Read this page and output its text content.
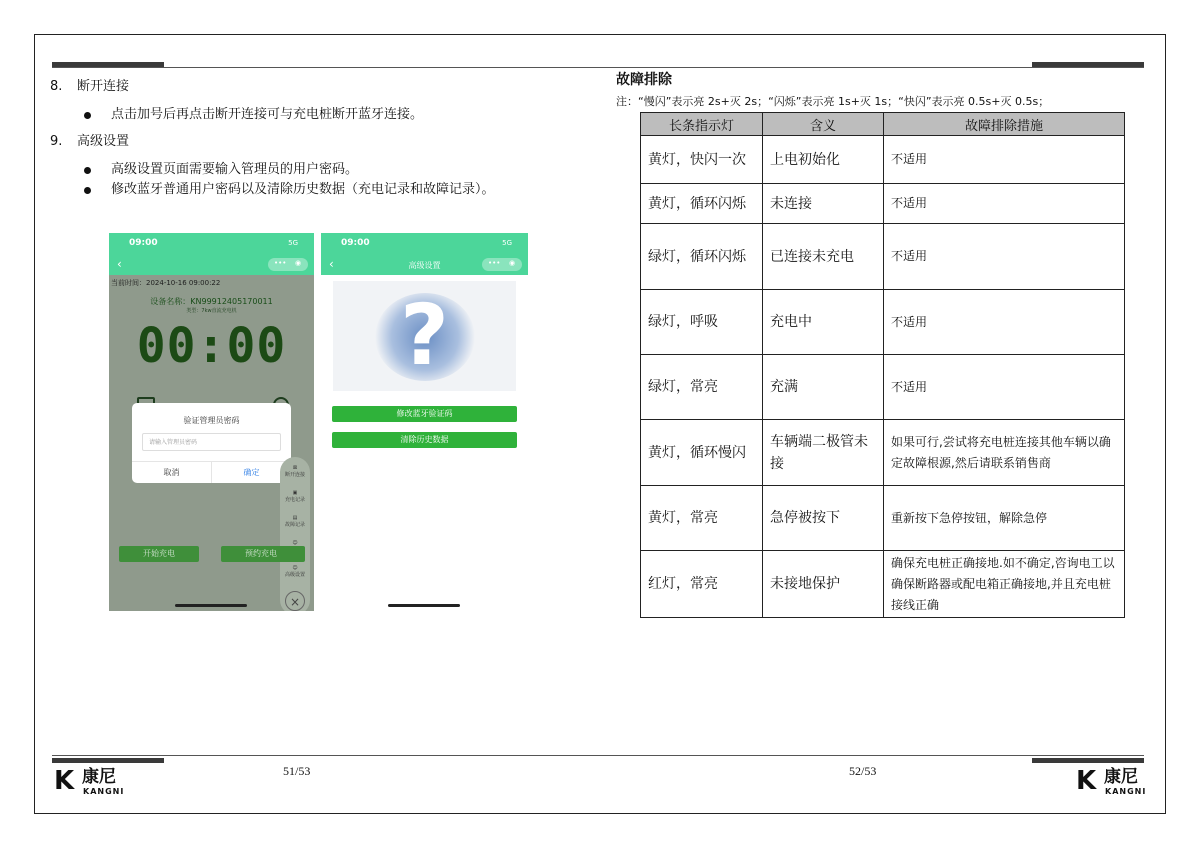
8. 断开连接
点击加号后再点击断开连接可与充电桩断开蓝牙连接。
9. 高级设置
高级设置页面需要输入管理员的用户密码。
修改蓝牙普通用户密码以及清除历史数据（充电记录和故障记录）。
09:00	5G
‹	••• ◉
当前时间：2024-10-16 09:00:22
设备名称：KN99912405170011
类型：7kw直流充电机
00:00
验证管理员密码
请输入管理员密码
取消	确定	⊠
断开连接
▣
充电记录
▤
故障记录
☺

☺
高级设置
×
开始充电	预约充电
09:00	5G
‹	高级设置	••• ◉
?
修改蓝牙验证码
清除历史数据
故障排除
注：“慢闪”表示亮 2s+灭 2s；“闪烁”表示亮 1s+灭 1s；“快闪”表示亮 0.5s+灭 0.5s；
长条指示灯	含义	故障排除措施
黄灯，快闪一次	上电初始化	不适用
黄灯，循环闪烁	未连接	不适用
绿灯，循环闪烁	已连接未充电	不适用
绿灯，呼吸	充电中	不适用
绿灯，常亮	充满	不适用
黄灯，循环慢闪	车辆端二极管未接	如果可行,尝试将充电桩连接其他车辆以确定故障根源,然后请联系销售商
黄灯，常亮	急停被按下	重新按下急停按钮，解除急停
红灯，常亮	未接地保护	确保充电桩正确接地.如不确定,咨询电工以确保断路器或配电箱正确接地,并且充电桩接线正确
K 康尼
KANGNI
51/53	52/53	K 康尼
KANGNI
